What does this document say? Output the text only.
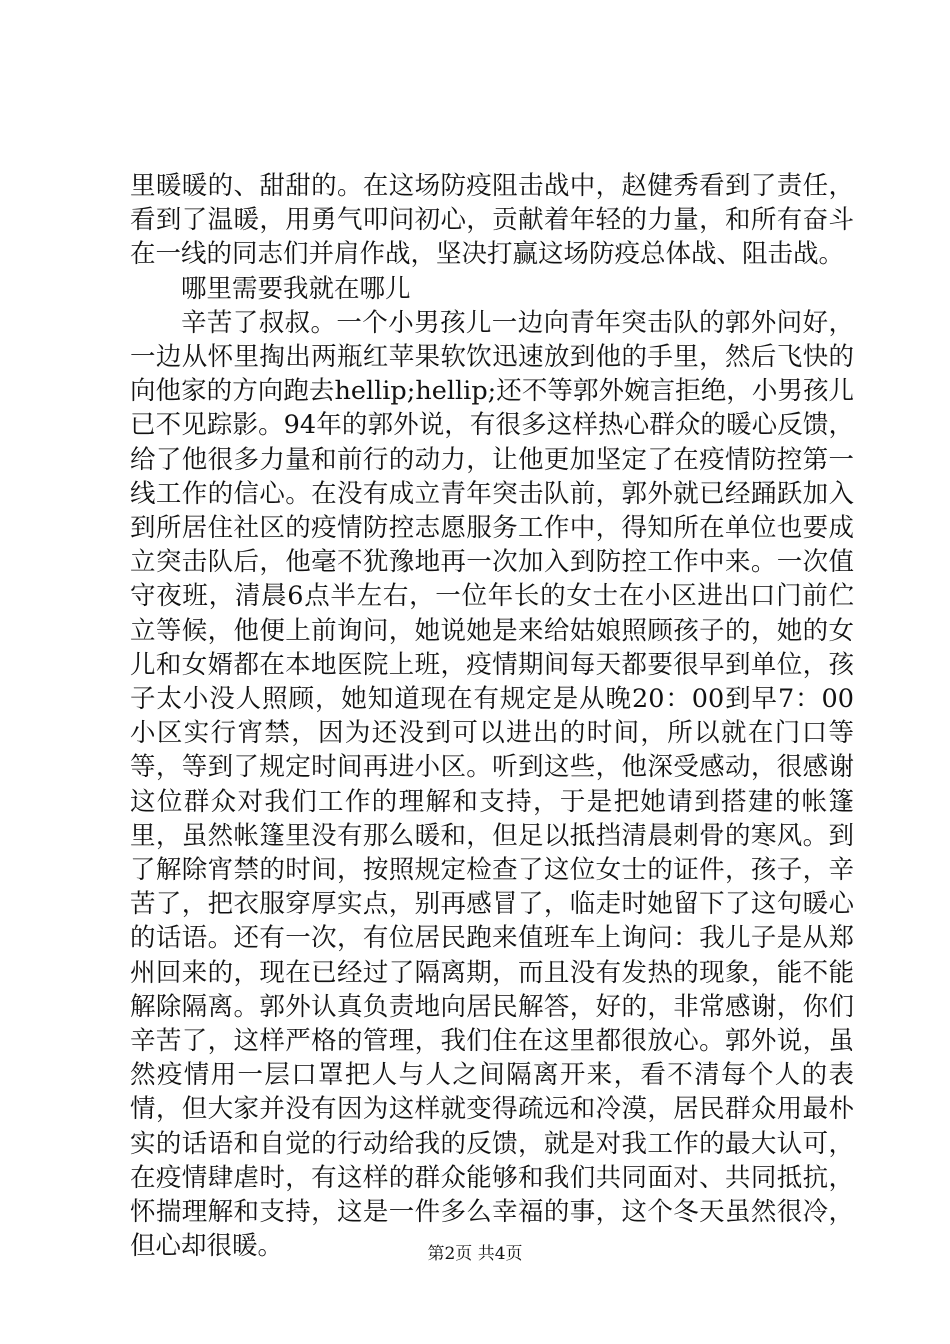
里暖暖的、甜甜的。在这场防疫阻击战中，赵健秀看到了责任，看到了温暖，用勇气叩问初心，贡献着年轻的力量，和所有奋斗在一线的同志们并肩作战，坚决打赢这场防疫总体战、阻击战。

哪里需要我就在哪儿

辛苦了叔叔。一个小男孩儿一边向青年突击队的郭外问好，一边从怀里掏出两瓶红苹果软饮迅速放到他的手里，然后飞快的向他家的方向跑去hellip;hellip;还不等郭外婉言拒绝，小男孩儿已不见踪影。94年的郭外说，有很多这样热心群众的暖心反馈，给了他很多力量和前行的动力，让他更加坚定了在疫情防控第一线工作的信心。在没有成立青年突击队前，郭外就已经踊跃加入到所居住社区的疫情防控志愿服务工作中，得知所在单位也要成立突击队后，他毫不犹豫地再一次加入到防控工作中来。一次值守夜班，清晨6点半左右，一位年长的女士在小区进出口门前伫立等候，他便上前询问，她说她是来给姑娘照顾孩子的，她的女儿和女婿都在本地医院上班，疫情期间每天都要很早到单位，孩子太小没人照顾，她知道现在有规定是从晚20：00到早7：00小区实行宵禁，因为还没到可以进出的时间，所以就在门口等等，等到了规定时间再进小区。听到这些，他深受感动，很感谢这位群众对我们工作的理解和支持，于是把她请到搭建的帐篷里，虽然帐篷里没有那么暖和，但足以抵挡清晨刺骨的寒风。到了解除宵禁的时间，按照规定检查了这位女士的证件，孩子，辛苦了，把衣服穿厚实点，别再感冒了，临走时她留下了这句暖心的话语。还有一次，有位居民跑来值班车上询问：我儿子是从郑州回来的，现在已经过了隔离期，而且没有发热的现象，能不能解除隔离。郭外认真负责地向居民解答，好的，非常感谢，你们辛苦了，这样严格的管理，我们住在这里都很放心。郭外说，虽然疫情用一层口罩把人与人之间隔离开来，看不清每个人的表情，但大家并没有因为这样就变得疏远和冷漠，居民群众用最朴实的话语和自觉的行动给我的反馈，就是对我工作的最大认可，在疫情肆虐时，有这样的群众能够和我们共同面对、共同抵抗，怀揣理解和支持，这是一件多么幸福的事，这个冬天虽然很冷，但心却很暖。	第2页 共4页
